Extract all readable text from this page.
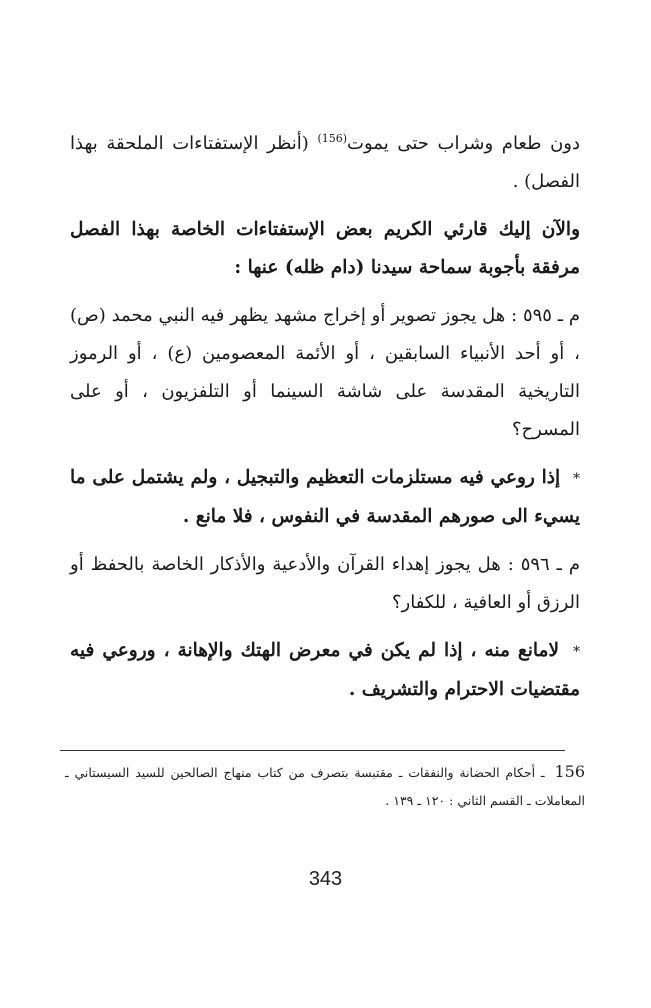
دون طعام وشراب حتى يموت$^{(156)}$ (أنظر الإستفتاءات الملحقة بهذا الفصل) .

والآن إليك قارئي الكريم بعض الإستفتاءات الخاصة بهذا الفصل مرفقة بأجوبة سماحة سيدنا (دام ظله) عنها :

م ـ ٥٩٥ : هل يجوز تصوير أو إخراج مشهد يظهر فيه النبي محمد (ص) ، أو أحد الأنبياء السابقين ، أو الأئمة المعصومين (ع) ، أو الرموز التاريخية المقدسة على شاشة السينما أو التلفزيون ، أو على المسرح؟

* إذا روعي فيه مستلزمات التعظيم والتبجيل ، ولم يشتمل على ما يسيء الى صورهم المقدسة في النفوس ، فلا مانع .

م ـ ٥٩٦ : هل يجوز إهداء القرآن والأدعية والأذكار الخاصة بالحفظ أو الرزق أو العافية ، للكفار؟

* لامانع منه ، إذا لم يكن في معرض الهتك والإهانة ، وروعي فيه مقتضيات الاحترام والتشريف .

156 ـ أحكام الحضانة والنفقات ـ مقتبسة بتصرف من كتاب منهاج الصالحين للسيد السيستاني ـ المعاملات ـ القسم الثاني : ١٢٠ ـ ١٣٩ .
343
